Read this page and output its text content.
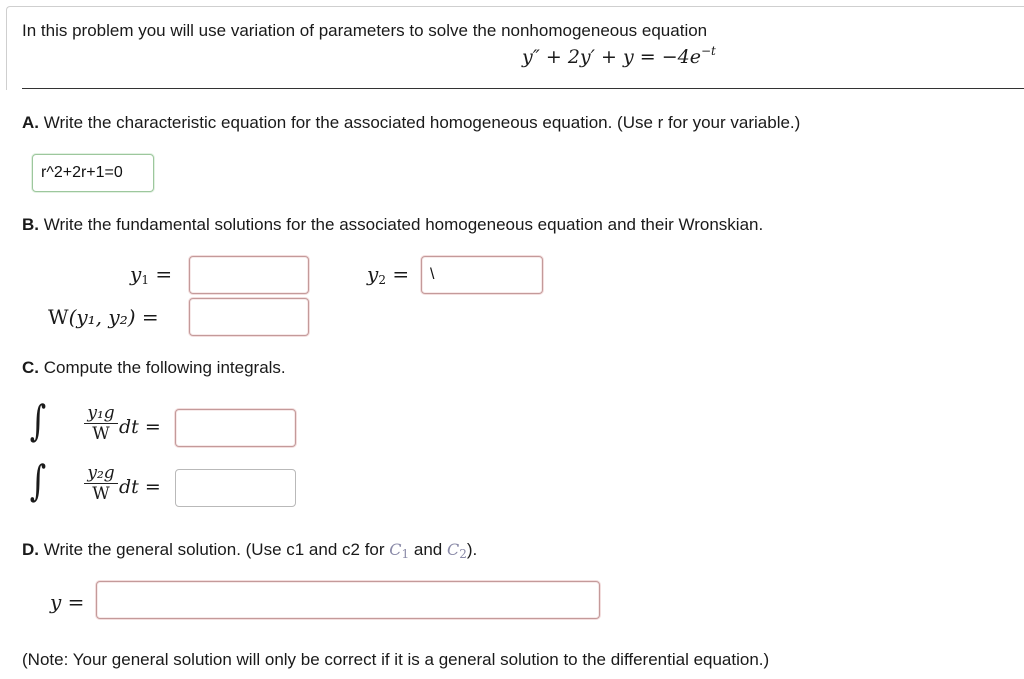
In this problem you will use variation of parameters to solve the nonhomogeneous equation
$y'' + 2y' + y = -4e^{-t}$
A. Write the characteristic equation for the associated homogeneous equation. (Use r for your variable.)
r^2+2r+1=0
B. Write the fundamental solutions for the associated homogeneous equation and their Wronskian.
$y_1$ =	$y_2$ =
\
W(y₁, y₂) =
C. Compute the following integrals.
∫ y₁g
W dt =
∫ y₂g
W dt =
D. Write the general solution. (Use c1 and c2 for $C_1$ and $C_2$).
y =
(Note: Your general solution will only be correct if it is a general solution to the differential equation.)
